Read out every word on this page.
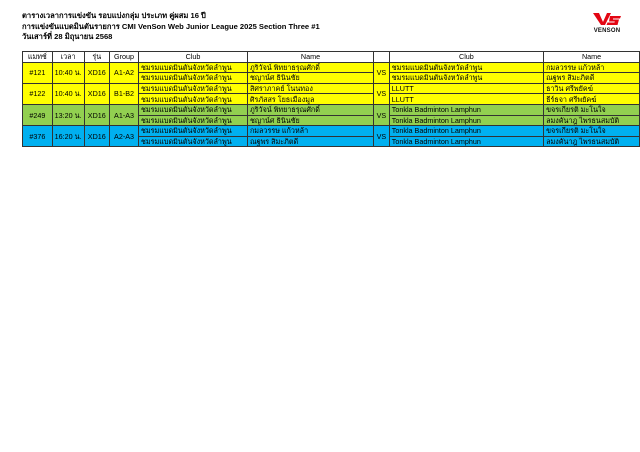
ตารางเวลาการแข่งขัน รอบแบ่งกลุ่ม ประเภท คู่ผสม 16 ปี
การแข่งขันแบดมินตันรายการ CMI VenSon Web Junior League 2025 Section Three #1
วันเสาร์ที่ 28 มิถุนายน 2568
VENSON
แมทช์	เวลา	รุ่น	Group	Club	Name		Club	Name
#121	10:40 น.	XD16	A1-A2	ชมรมแบดมินตันจังหวัดลำพูน	ภูริวัจน์ พิทยาธรุณศักดิ์	VS	ชมรมแบดมินตันจังหวัดลำพูน	กมลวรรษ แก้วหล้า
				ชมรมแบดมินตันจังหวัดลำพูน	ชญาน์ศ ธินินชัย		ชมรมแบดมินตันจังหวัดลำพูน	ณฐพร สิมะภิตดี
#122	10:40 น.	XD16	B1-B2	ชมรมแบดมินตันจังหวัดลำพูน	สิศราภาคย์ โนนทอง	VS	LLUTT	ธาวิน ศรีพยัคฆ์
				ชมรมแบดมินตันจังหวัดลำพูน	ศิรภัสสร โยธเมืองมูล		LLUTT	ธีร์ธจา ศรีพยัคฆ์
#249	13:20 น.	XD16	A1-A3	ชมรมแบดมินตันจังหวัดลำพูน	ภูริวัจน์ พิทยาธรุณศักดิ์	VS	Tonkla Badminton Lamphun	ขจรเกียรติ มะโนใจ
				ชมรมแบดมินตันจังหวัดลำพูน	ชญาน์ศ ธินินชัย		Tonkla Badminton Lamphun	ลมงคันาฎ ไพรธนสมบัติ
#376	16:20 น.	XD16	A2-A3	ชมรมแบดมินตันจังหวัดลำพูน	กมลวรรษ แก้วหล้า	VS	Tonkla Badminton Lamphun	ขจรเกียรติ มะโนใจ
				ชมรมแบดมินตันจังหวัดลำพูน	ณฐพร สิมะภิตดี		Tonkla Badminton Lamphun	ลมงคันาฎ ไพรธนสมบัติ
